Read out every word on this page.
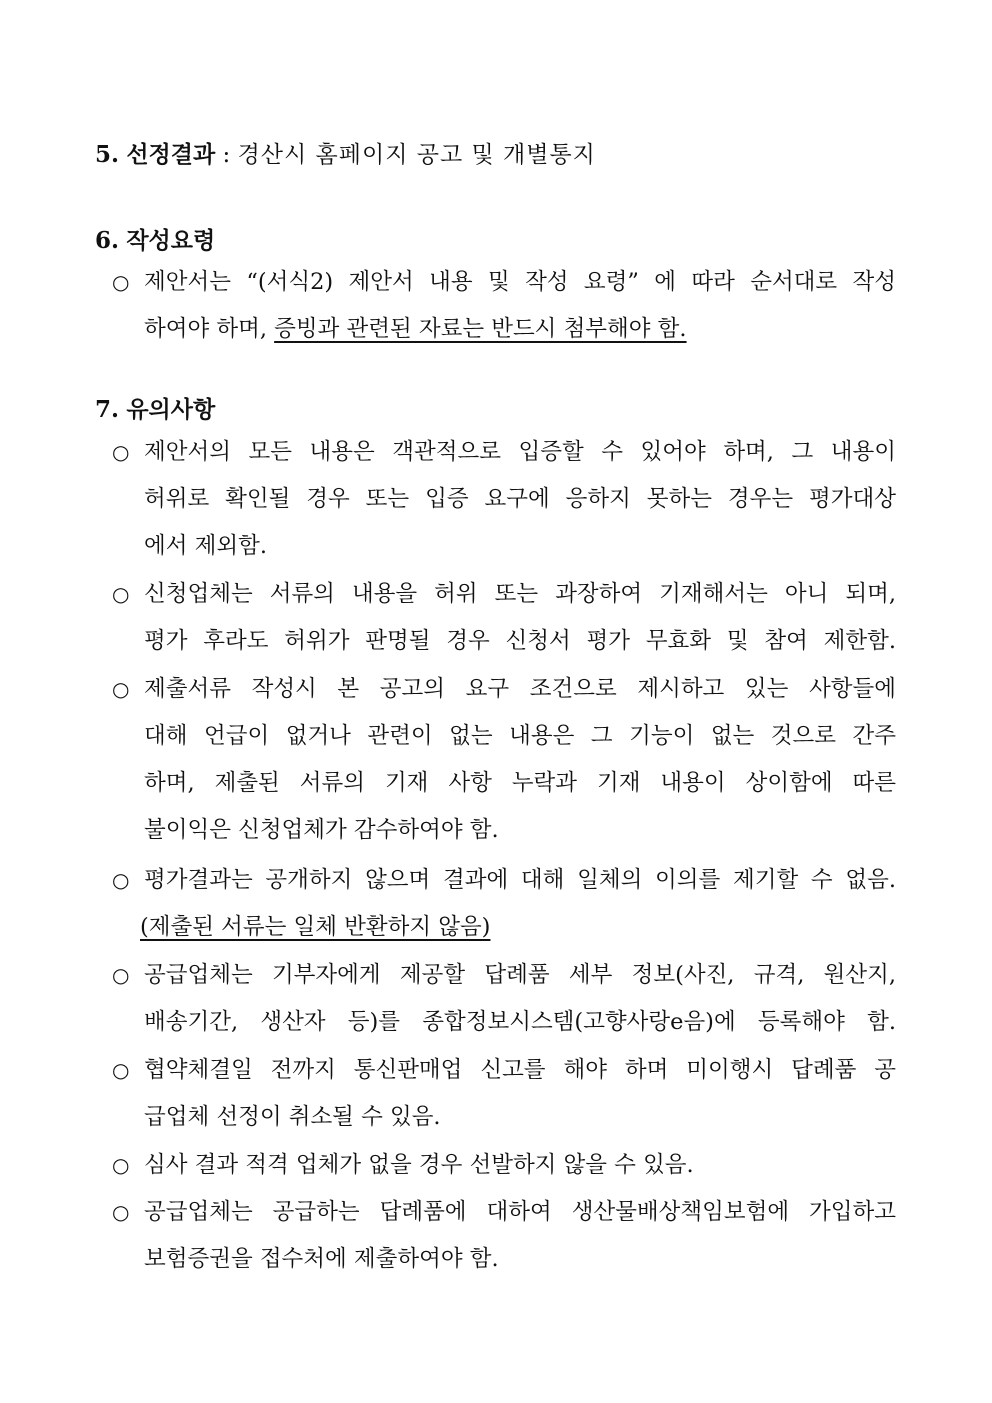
5. 선정결과 : 경산시 홈페이지 공고 및 개별통지
6. 작성요령
○ 제안서는 “(서식2) 제안서 내용 및 작성 요령” 에 따라 순서대로 작성
하여야 하며, 증빙과 관련된 자료는 반드시 첨부해야 함.
7. 유의사항
○ 제안서의 모든 내용은 객관적으로 입증할 수 있어야 하며, 그 내용이
허위로 확인될 경우 또는 입증 요구에 응하지 못하는 경우는 평가대상
에서 제외함.
○ 신청업체는 서류의 내용을 허위 또는 과장하여 기재해서는 아니 되며,
평가 후라도 허위가 판명될 경우 신청서 평가 무효화 및 참여 제한함.
○ 제출서류 작성시 본 공고의 요구 조건으로 제시하고 있는 사항들에
대해 언급이 없거나 관련이 없는 내용은 그 기능이 없는 것으로 간주
하며, 제출된 서류의 기재 사항 누락과 기재 내용이 상이함에 따른
불이익은 신청업체가 감수하여야 함.
○ 평가결과는 공개하지 않으며 결과에 대해 일체의 이의를 제기할 수 없음.
(제출된 서류는 일체 반환하지 않음)
○ 공급업체는 기부자에게 제공할 답례품 세부 정보(사진, 규격, 원산지,
배송기간, 생산자 등)를 종합정보시스템(고향사랑e음)에 등록해야 함.
○ 협약체결일 전까지 통신판매업 신고를 해야 하며 미이행시 답례품 공
급업체 선정이 취소될 수 있음.
○ 심사 결과 적격 업체가 없을 경우 선발하지 않을 수 있음.
○ 공급업체는 공급하는 답례품에 대하여 생산물배상책임보험에 가입하고
보험증권을 접수처에 제출하여야 함.
